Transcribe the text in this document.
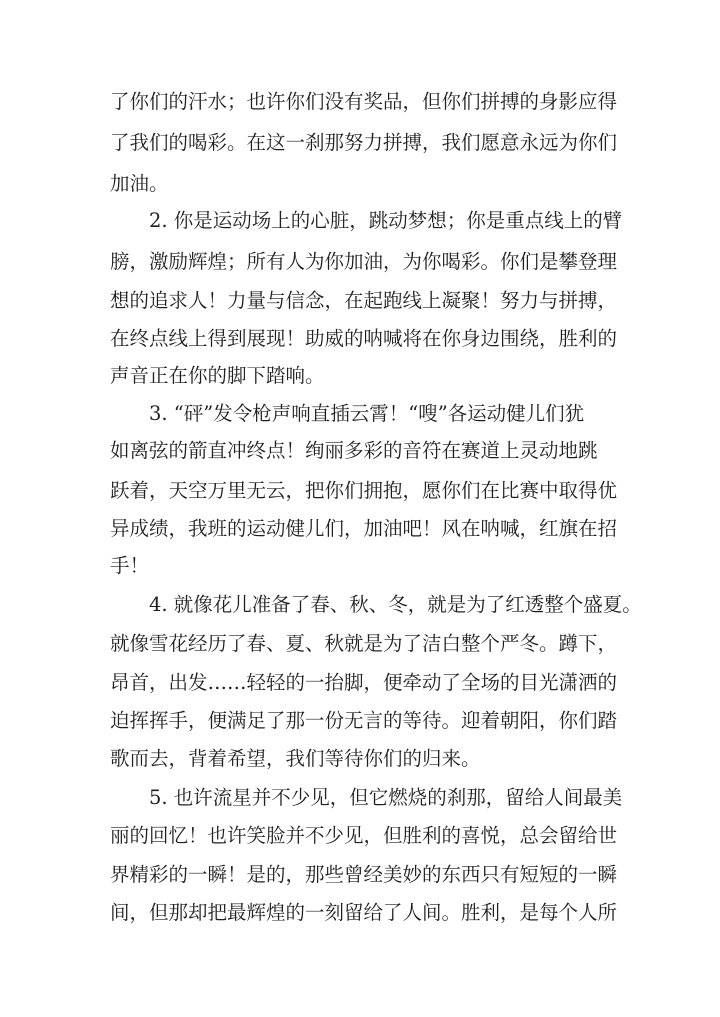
了你们的汗水；也许你们没有奖品，但你们拼搏的身影应得
了我们的喝彩。在这一刹那努力拼搏，我们愿意永远为你们
加油。
　　2. 你是运动场上的心脏，跳动梦想；你是重点线上的臂
膀，激励辉煌；所有人为你加油，为你喝彩。你们是攀登理
想的追求人！力量与信念，在起跑线上凝聚！努力与拼搏，
在终点线上得到展现！助威的呐喊将在你身边围绕，胜利的
声音正在你的脚下踏响。
　　3. “砰”发令枪声响直插云霄！“嗖”各运动健儿们犹
如离弦的箭直冲终点！绚丽多彩的音符在赛道上灵动地跳
跃着，天空万里无云，把你们拥抱，愿你们在比赛中取得优
异成绩，我班的运动健儿们，加油吧！风在呐喊，红旗在招
手！
　　4. 就像花儿准备了春、秋、冬，就是为了红透整个盛夏。
就像雪花经历了春、夏、秋就是为了洁白整个严冬。蹲下，
昂首，出发……轻轻的一抬脚，便牵动了全场的目光潇洒的
迫挥挥手，便满足了那一份无言的等待。迎着朝阳，你们踏
歌而去，背着希望，我们等待你们的归来。
　　5. 也许流星并不少见，但它燃烧的刹那，留给人间最美
丽的回忆！也许笑脸并不少见，但胜利的喜悦，总会留给世
界精彩的一瞬！是的，那些曾经美妙的东西只有短短的一瞬
间，但那却把最辉煌的一刻留给了人间。胜利，是每个人所
